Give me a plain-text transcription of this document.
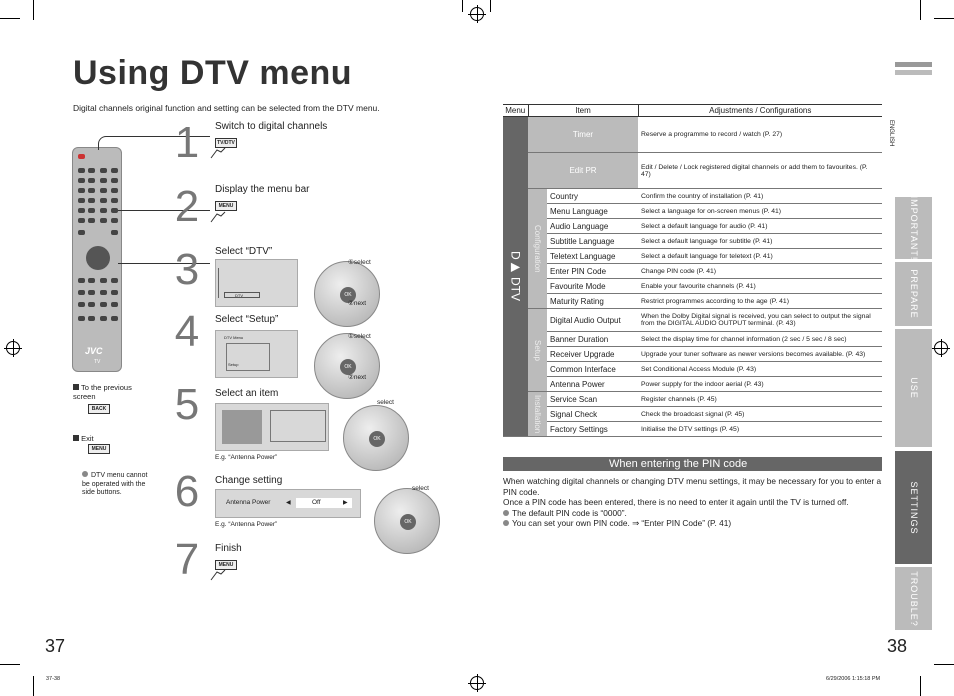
Using DTV menu
Digital channels original function and setting can be selected from the DTV menu.
JVC
TV
1	Switch to digital channels
TV/DTV
2	Display the menu bar
MENU
3	Select “DTV”
DTV	OK
①select
②next
4	Select “Setup”
DTV Menu
Setup	OK
①select
②next
5	Select an item
OK
select
E.g. “Antenna Power”
6	Change setting
Antenna Power	◀	Off	▶
OK
select
E.g. “Antenna Power”
7	Finish
MENU
To the previous screen
BACK
Exit
MENU
DTV menu cannot be operated with the side buttons.
37
37-38
Menu	Item		Adjustments / Configurations

D▶ DTV	Timer		Reserve a programme to record / watch (P. 27)
	Edit PR		Edit / Delete / Lock registered digital channels or add them to favourites. (P. 47)

	Configuration	Country	Confirm the country of installation (P. 41)
		Menu Language	Select a language for on-screen menus (P. 41)
		Audio Language	Select a default language for audio (P. 41)
		Subtitle Language	Select a default language for subtitle (P. 41)
		Teletext Language	Select a default language for teletext (P. 41)
		Enter PIN Code	Change PIN code (P. 41)
		Favourite Mode	Enable your favourite channels (P. 41)
		Maturity Rating	Restrict programmes according to the age (P. 41)

	Setup	Digital Audio Output	When the Dolby Digital signal is received, you can select to output the signal from the DIGITAL AUDIO OUTPUT terminal. (P. 43)
		Banner Duration	Select the display time for channel information (2 sec / 5 sec / 8 sec)
		Receiver Upgrade	Upgrade your tuner software as newer versions becomes available. (P. 43)
		Common Interface	Set Conditional Access Module (P. 43)
		Antenna Power	Power supply for the indoor aerial (P. 43)

	Installation	Service Scan	Register channels (P. 45)
		Signal Check	Check the broadcast signal (P. 45)
		Factory Settings	Initialise the DTV settings (P. 45)
When entering the PIN code
When watching digital channels or changing DTV menu settings, it may be necessary for you to enter a PIN code.
Once a PIN code has been entered, there is no need to enter it again until the TV is turned off.
The default PIN code is “0000”.
You can set your own PIN code. ⇒ “Enter PIN Code” (P. 41)
ENGLISH
IMPORTANT!
PREPARE
USE
SETTINGS
TROUBLE?
38
6/29/2006 1:15:18 PM
